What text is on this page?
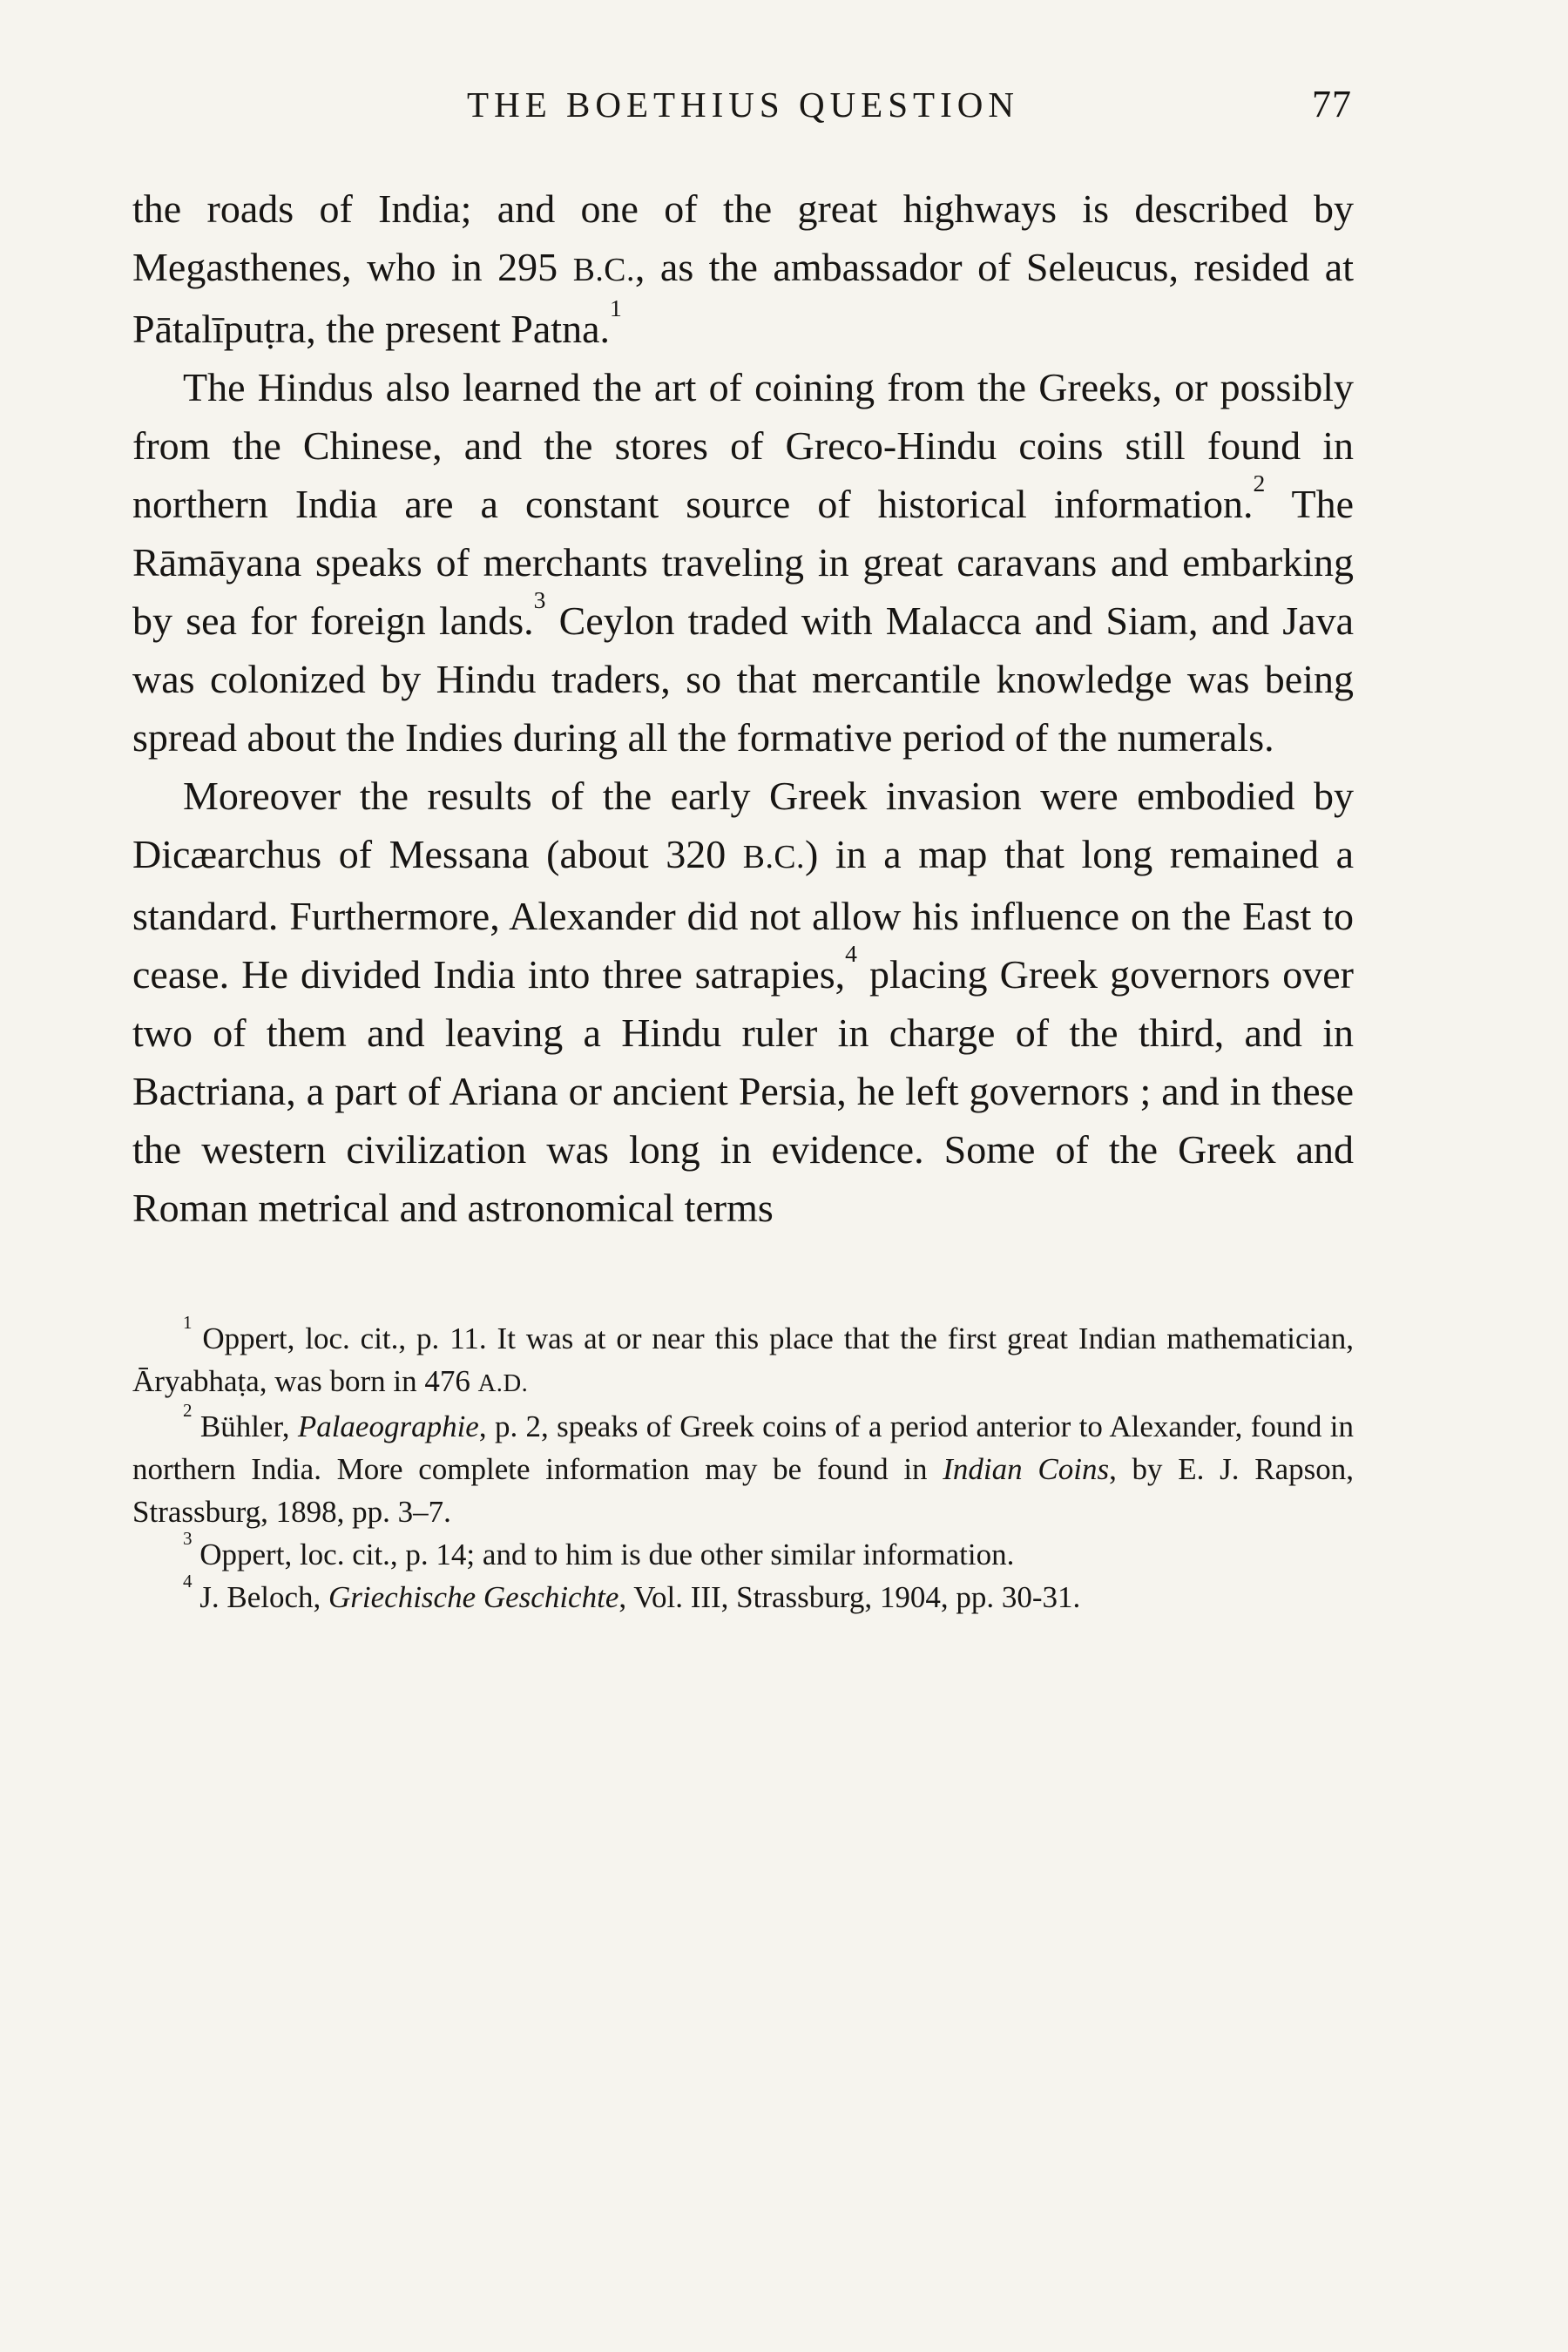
THE BOETHIUS QUESTION	77

the roads of India; and one of the great highways is described by Megasthenes, who in 295 B.C., as the ambassador of Seleucus, resided at Pātalīpuṭra, the present Patna.$^1$

The Hindus also learned the art of coining from the Greeks, or possibly from the Chinese, and the stores of Greco-Hindu coins still found in northern India are a constant source of historical information.$^2$ The Rāmāyana speaks of merchants traveling in great caravans and embarking by sea for foreign lands.$^3$ Ceylon traded with Malacca and Siam, and Java was colonized by Hindu traders, so that mercantile knowledge was being spread about the Indies during all the formative period of the numerals.

Moreover the results of the early Greek invasion were embodied by Dicæarchus of Messana (about 320 B.C.) in a map that long remained a standard. Furthermore, Alexander did not allow his influence on the East to cease. He divided India into three satrapies,$^4$ placing Greek governors over two of them and leaving a Hindu ruler in charge of the third, and in Bactriana, a part of Ariana or ancient Persia, he left governors ; and in these the western civilization was long in evidence. Some of the Greek and Roman metrical and astronomical terms

$^1$ Oppert, loc. cit., p. 11. It was at or near this place that the first great Indian mathematician, Āryabhaṭa, was born in 476 A.D.

$^2$ Bühler, Palaeographie, p. 2, speaks of Greek coins of a period anterior to Alexander, found in northern India. More complete information may be found in Indian Coins, by E. J. Rapson, Strassburg, 1898, pp. 3–7.

$^3$ Oppert, loc. cit., p. 14; and to him is due other similar information.

$^4$ J. Beloch, Griechische Geschichte, Vol. III, Strassburg, 1904, pp. 30-31.
